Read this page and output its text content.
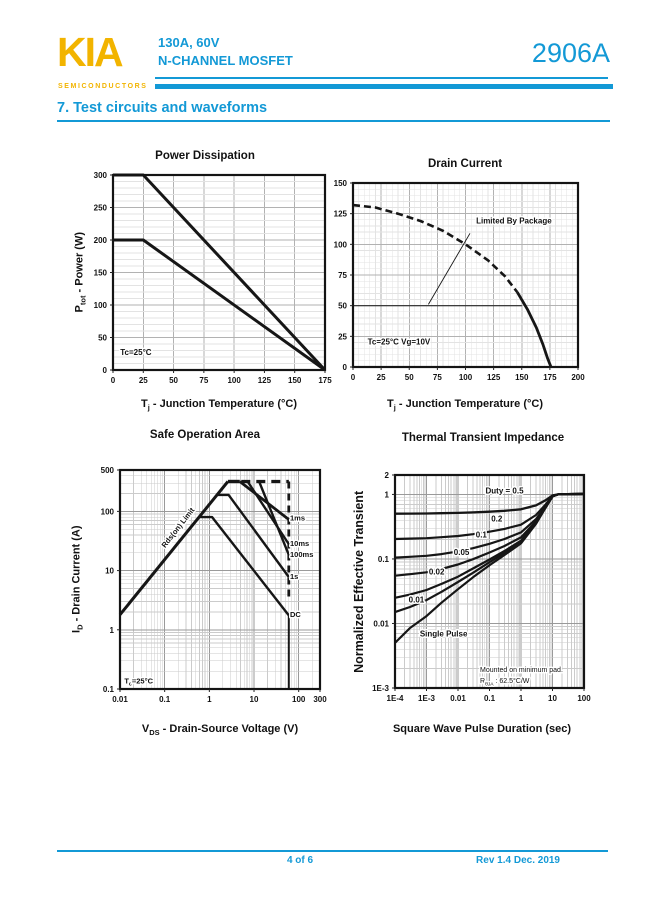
KIA
SEMICONDUCTORS
130A, 60V
N-CHANNEL MOSFET	2906A
7. Test circuits and waveforms
Power Dissipation
$P_{tot}$ - Power (W)
0	25	50	75 100 125 150 175
0
50
100
150
200
250
300
Tc=25°C
$T_j$ - Junction Temperature (°C)
Drain Current
0	25 50 75 100 125 150 175 200
0
25
50
75
100
125
150
Limited By Package
Tc=25°C Vg=10V
$T_j$ - Junction Temperature (°C)
Safe Operation Area
$I_D$ - Drain Current (A)
0.01	0.1	1	10	100 300
0.1
1
10
100
500
1ms
10ms
100ms
1s
DC
Rds(on) Limit
$T_c=25^\circ C$
$V_{DS}$ - Drain-Source Voltage (V)
Thermal Transient Impedance
Normalized Effective Transient
1E-4 1E-3 0.01 0.1	1	10	100
2
1
0.1
0.01
1E-3
Duty = 0.5
0.2
0.1
0.05
0.02
0.01
Single Pulse
Mounted on minimum pad.
$R_{\theta JA}$ : 62.5°C/W
Square Wave Pulse Duration (sec)
4 of 6	Rev 1.4 Dec. 2019
